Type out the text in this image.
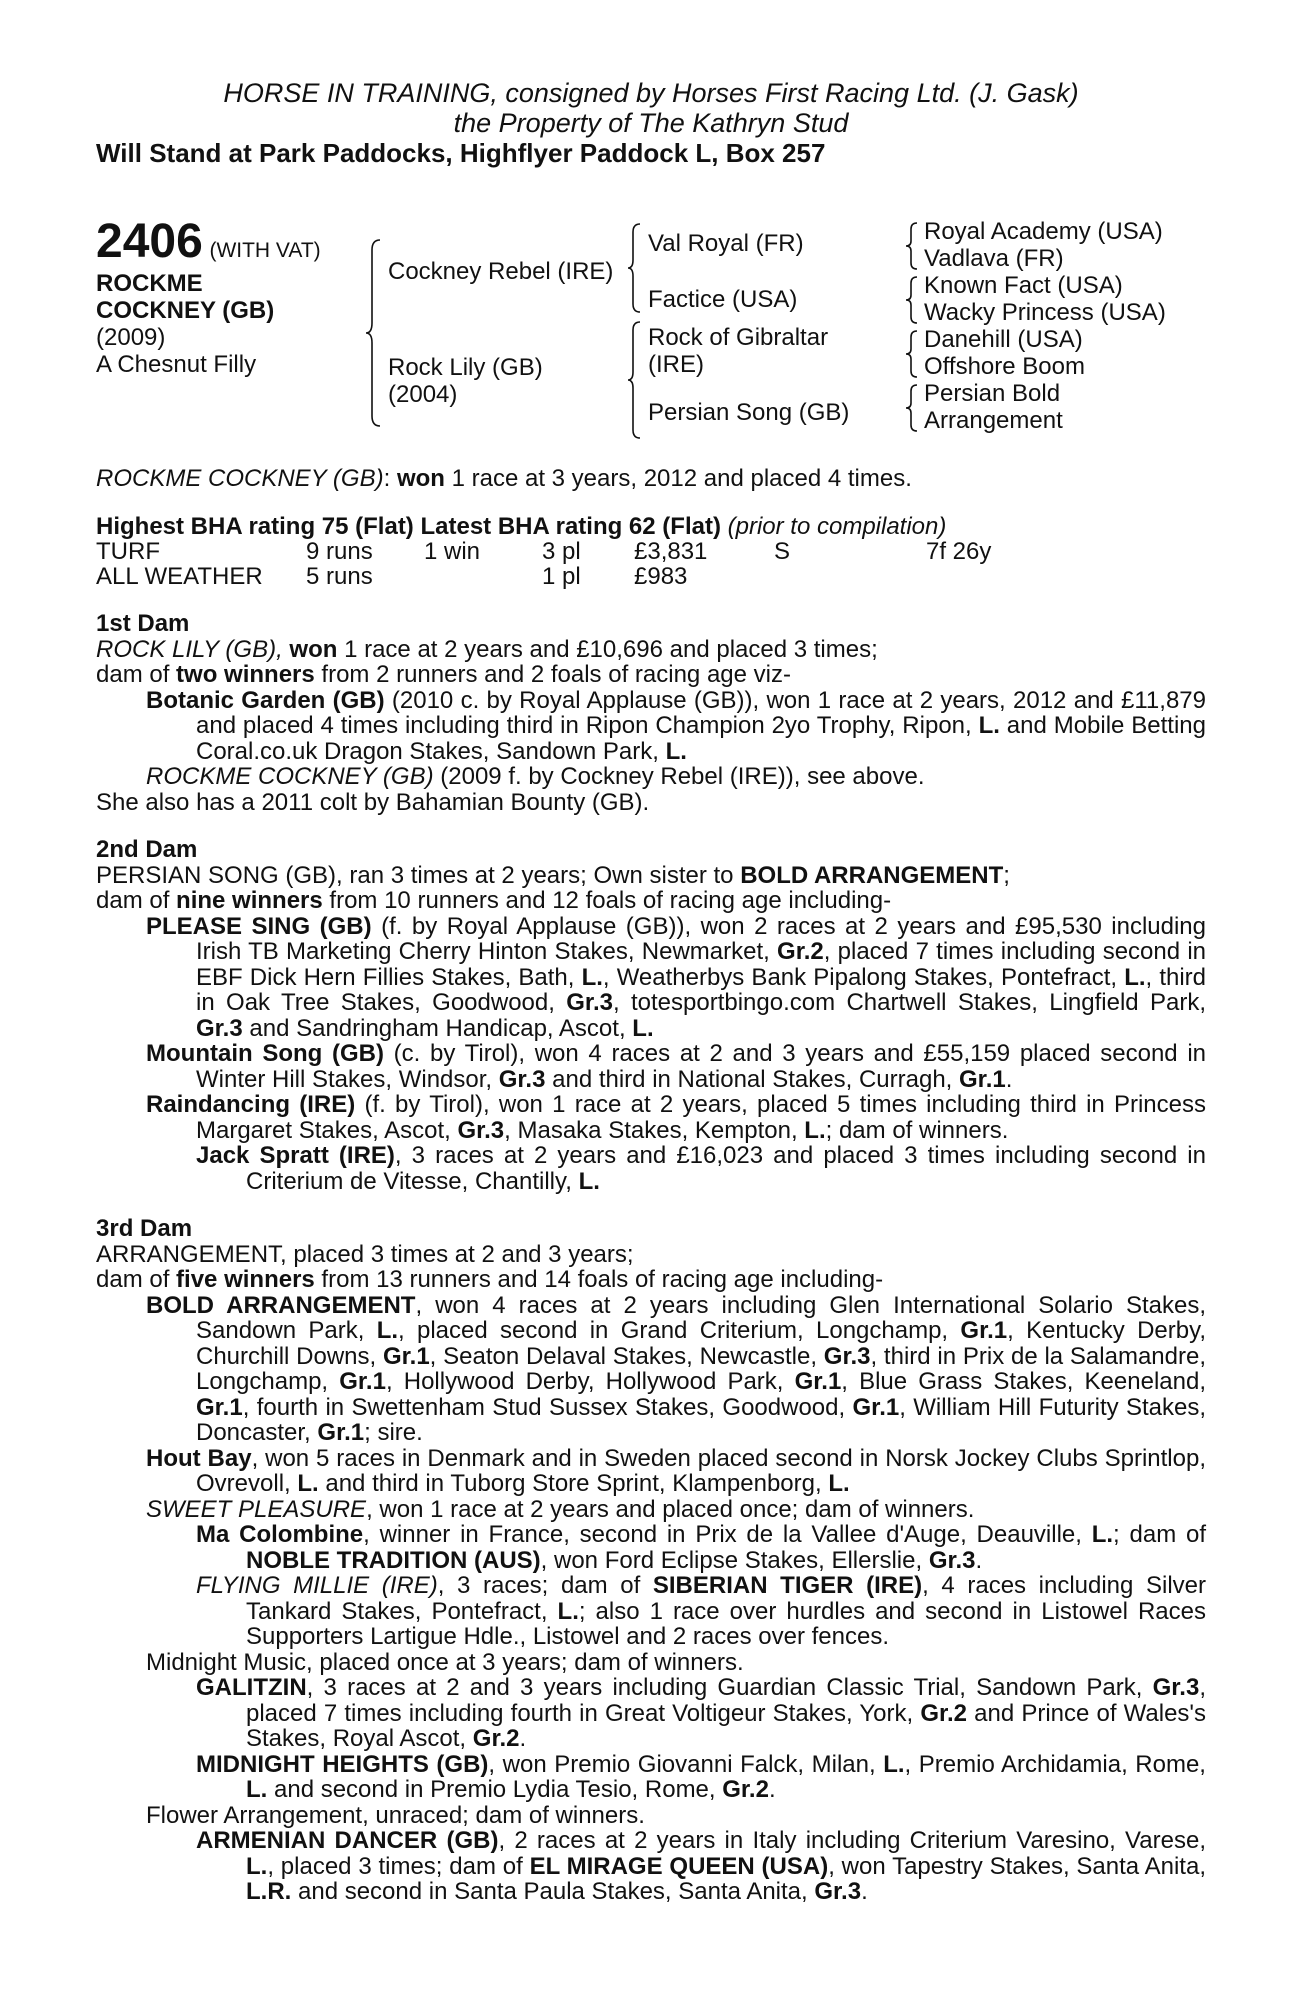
HORSE IN TRAINING, consigned by Horses First Racing Ltd. (J. Gask)
the Property of The Kathryn Stud
Will Stand at Park Paddocks, Highflyer Paddock L, Box 257
2406 (WITH VAT)
ROCKME
COCKNEY (GB)
(2009)
A Chesnut Filly
Cockney Rebel (IRE)
Rock Lily (GB)
(2004)
Val Royal (FR)
Factice (USA)
Rock of Gibraltar
(IRE)
Persian Song (GB)
Royal Academy (USA)
Vadlava (FR)
Known Fact (USA)
Wacky Princess (USA)
Danehill (USA)
Offshore Boom
Persian Bold
Arrangement
ROCKME COCKNEY (GB): won 1 race at 3 years, 2012 and placed 4 times.
Highest BHA rating 75 (Flat) Latest BHA rating 62 (Flat) (prior to compilation)
TURF	9 runs	1 win	3 pl	£3,831	S	7f 26y
ALL WEATHER	5 runs	1 pl	£983
1st Dam
ROCK LILY (GB), won 1 race at 2 years and £10,696 and placed 3 times;
dam of two winners from 2 runners and 2 foals of racing age viz-
Botanic Garden (GB) (2010 c. by Royal Applause (GB)), won 1 race at 2 years, 2012 and £11,879 and placed 4 times including third in Ripon Champion 2yo Trophy, Ripon, L. and Mobile Betting Coral.co.uk Dragon Stakes, Sandown Park, L.
ROCKME COCKNEY (GB) (2009 f. by Cockney Rebel (IRE)), see above.
She also has a 2011 colt by Bahamian Bounty (GB).
2nd Dam
PERSIAN SONG (GB), ran 3 times at 2 years; Own sister to BOLD ARRANGEMENT;
dam of nine winners from 10 runners and 12 foals of racing age including-
PLEASE SING (GB) (f. by Royal Applause (GB)), won 2 races at 2 years and £95,530 including Irish TB Marketing Cherry Hinton Stakes, Newmarket, Gr.2, placed 7 times including second in EBF Dick Hern Fillies Stakes, Bath, L., Weatherbys Bank Pipalong Stakes, Pontefract, L., third in Oak Tree Stakes, Goodwood, Gr.3, totesportbingo.com Chartwell Stakes, Lingfield Park, Gr.3 and Sandringham Handicap, Ascot, L.
Mountain Song (GB) (c. by Tirol), won 4 races at 2 and 3 years and £55,159 placed second in Winter Hill Stakes, Windsor, Gr.3 and third in National Stakes, Curragh, Gr.1.
Raindancing (IRE) (f. by Tirol), won 1 race at 2 years, placed 5 times including third in Princess Margaret Stakes, Ascot, Gr.3, Masaka Stakes, Kempton, L.; dam of winners.
Jack Spratt (IRE), 3 races at 2 years and £16,023 and placed 3 times including second in Criterium de Vitesse, Chantilly, L.
3rd Dam
ARRANGEMENT, placed 3 times at 2 and 3 years;
dam of five winners from 13 runners and 14 foals of racing age including-
BOLD ARRANGEMENT, won 4 races at 2 years including Glen International Solario Stakes, Sandown Park, L., placed second in Grand Criterium, Longchamp, Gr.1, Kentucky Derby, Churchill Downs, Gr.1, Seaton Delaval Stakes, Newcastle, Gr.3, third in Prix de la Salamandre, Longchamp, Gr.1, Hollywood Derby, Hollywood Park, Gr.1, Blue Grass Stakes, Keeneland, Gr.1, fourth in Swettenham Stud Sussex Stakes, Goodwood, Gr.1, William Hill Futurity Stakes, Doncaster, Gr.1; sire.
Hout Bay, won 5 races in Denmark and in Sweden placed second in Norsk Jockey Clubs Sprintlop, Ovrevoll, L. and third in Tuborg Store Sprint, Klampenborg, L.
SWEET PLEASURE, won 1 race at 2 years and placed once; dam of winners.
Ma Colombine, winner in France, second in Prix de la Vallee d'Auge, Deauville, L.; dam of NOBLE TRADITION (AUS), won Ford Eclipse Stakes, Ellerslie, Gr.3.
FLYING MILLIE (IRE), 3 races; dam of SIBERIAN TIGER (IRE), 4 races including Silver Tankard Stakes, Pontefract, L.; also 1 race over hurdles and second in Listowel Races Supporters Lartigue Hdle., Listowel and 2 races over fences.
Midnight Music, placed once at 3 years; dam of winners.
GALITZIN, 3 races at 2 and 3 years including Guardian Classic Trial, Sandown Park, Gr.3, placed 7 times including fourth in Great Voltigeur Stakes, York, Gr.2 and Prince of Wales's Stakes, Royal Ascot, Gr.2.
MIDNIGHT HEIGHTS (GB), won Premio Giovanni Falck, Milan, L., Premio Archidamia, Rome, L. and second in Premio Lydia Tesio, Rome, Gr.2.
Flower Arrangement, unraced; dam of winners.
ARMENIAN DANCER (GB), 2 races at 2 years in Italy including Criterium Varesino, Varese, L., placed 3 times; dam of EL MIRAGE QUEEN (USA), won Tapestry Stakes, Santa Anita, L.R. and second in Santa Paula Stakes, Santa Anita, Gr.3.
